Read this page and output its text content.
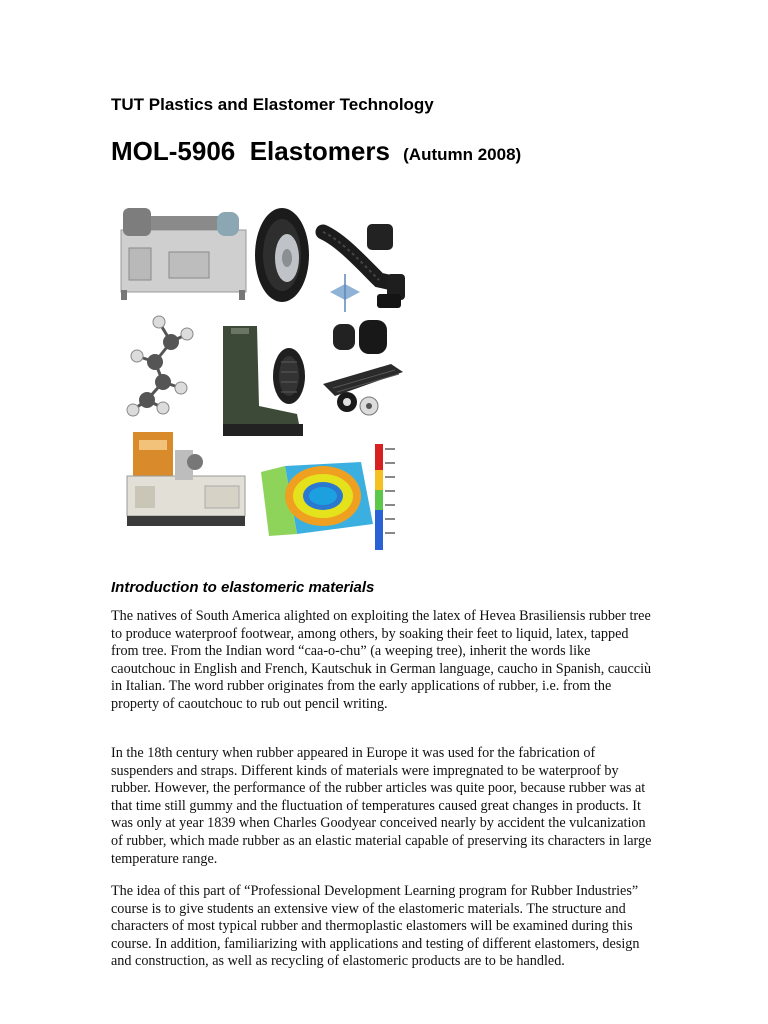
TUT Plastics and Elastomer Technology
MOL-5906 Elastomers (Autumn 2008)
Introduction to elastomeric materials
The natives of South America alighted on exploiting the latex of Hevea Brasiliensis rubber tree to produce waterproof footwear, among others, by soaking their feet to liquid, latex, tapped from tree. From the Indian word “caa-o-chu” (a weeping tree), inherit the words like caoutchouc in English and French, Kautschuk in German language, caucho in Spanish, caucciù in Italian. The word rubber originates from the early applications of rubber, i.e. from the property of caoutchouc to rub out pencil writing.
In the 18th century when rubber appeared in Europe it was used for the fabrication of suspenders and straps. Different kinds of materials were impregnated to be waterproof by rubber. However, the performance of the rubber articles was quite poor, because rubber was at that time still gummy and the fluctuation of temperatures caused great changes in products. It was only at year 1839 when Charles Goodyear conceived nearly by accident the vulcanization of rubber, which made rubber as an elastic material capable of preserving its characters in large temperature range.
The idea of this part of “Professional Development Learning program for Rubber Industries” course is to give students an extensive view of the elastomeric materials. The structure and characters of most typical rubber and thermoplastic elastomers will be examined during this course. In addition, familiarizing with applications and testing of different elastomers, design and construction, as well as recycling of elastomeric products are to be handled.
